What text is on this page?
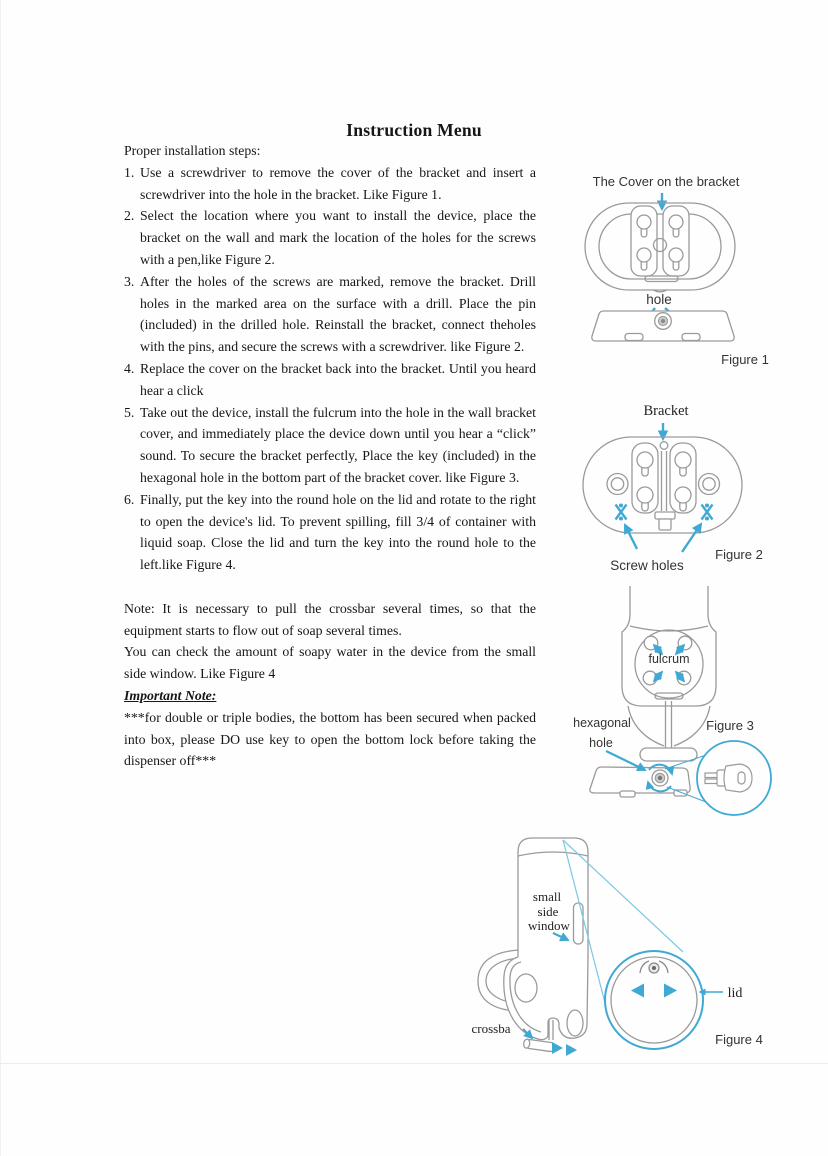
Instruction Menu

Proper installation steps:

1. Use a screwdriver to remove the cover of the bracket and insert a screwdriver into the hole in the bracket. Like Figure 1.
2. Select the location where you want to install the device, place the bracket on the wall and mark the location of the holes for the screws with a pen,like Figure 2.
3. After the holes of the screws are marked, remove the bracket. Drill holes in the marked area on the surface with a drill. Place the pin (included) in the drilled hole. Reinstall the bracket, connect theholes with the pins, and secure the screws with a screwdriver. like Figure 2.
4. Replace the cover on the bracket back into the bracket. Until you heard hear a click
5. Take out the device, install the fulcrum into the hole in the wall bracket cover, and immediately place the device down until you hear a “click” sound. To secure the bracket perfectly, Place the key (included) in the hexagonal hole in the bottom part of the bracket cover. like Figure 3.
6. Finally, put the key into the round hole on the lid and rotate to the right to open the device's lid. To prevent spilling, fill 3/4 of container with liquid soap. Close the lid and turn the key into the round hole to the left.like Figure 4.

Note: It is necessary to pull the crossbar several times, so that the equipment starts to flow out of soap several times.

You can check the amount of soapy water in the device from the small side window. Like Figure 4

Important Note:

***for double or triple bodies, the bottom has been secured when packed into box, please DO use key to open the bottom lock before taking the dispenser off***

The Cover on the bracket
hole
Figure 1
Bracket
Figure 2
Screw holes
fulcrum
hexagonal
hole
Figure 3
small
side
window
crossba
lid
Figure 4
